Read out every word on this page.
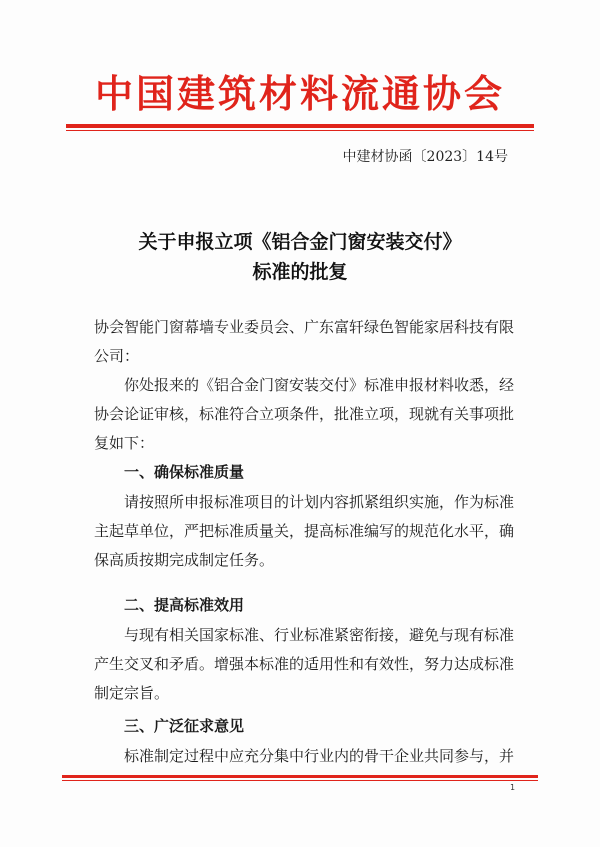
中国建筑材料流通协会
中建材协函〔2023〕14号
关于申报立项《铝合金门窗安装交付》
标准的批复
协会智能门窗幕墙专业委员会、广东富轩绿色智能家居科技有限公司：
你处报来的《铝合金门窗安装交付》标准申报材料收悉，经协会论证审核，标准符合立项条件，批准立项，现就有关事项批复如下：
一、确保标准质量
请按照所申报标准项目的计划内容抓紧组织实施，作为标准主起草单位，严把标准质量关，提高标准编写的规范化水平，确保高质按期完成制定任务。
二、提高标准效用
与现有相关国家标准、行业标准紧密衔接，避免与现有标准产生交叉和矛盾。增强本标准的适用性和有效性，努力达成标准制定宗旨。
三、广泛征求意见
标准制定过程中应充分集中行业内的骨干企业共同参与，并
1
